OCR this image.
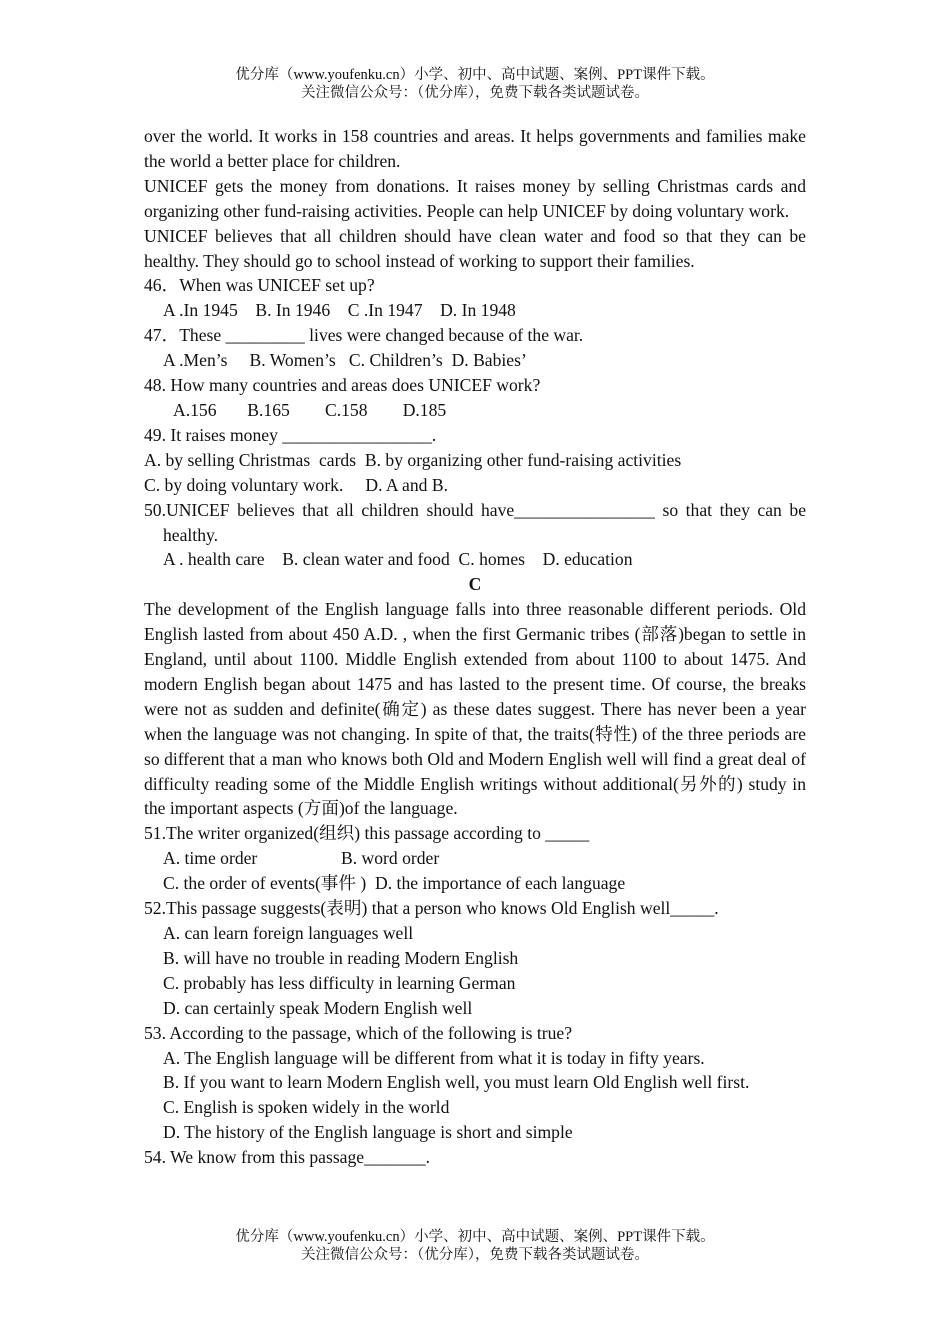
优分库（www.youfenku.cn）小学、初中、高中试题、案例、PPT课件下载。
关注微信公众号：（优分库），免费下载各类试题试卷。
over the world. It works in 158 countries and areas. It helps governments and families make the world a better place for children.
UNICEF gets the money from donations. It raises money by selling Christmas cards and organizing other fund-raising activities. People can help UNICEF by doing voluntary work.
UNICEF believes that all children should have clean water and food so that they can be healthy. They should go to school instead of working to support their families.
46．When was UNICEF set up?
A .In 1945    B. In 1946    C .In 1947    D. In 1948
47．These _________ lives were changed because of the war.
A .Men’s     B. Women’s   C. Children’s  D. Babies’
48. How many countries and areas does UNICEF work?
A.156       B.165        C.158        D.185
49. It raises money _________________.
A. by selling Christmas  cards  B. by organizing other fund-raising activities
C. by doing voluntary work.     D. A and B.
50.UNICEF believes that all children should have________________ so that they can be healthy.
A . health care    B. clean water and food  C. homes    D. education
C
The development of the English language falls into three reasonable different periods. Old English lasted from about 450 A.D. , when the first Germanic tribes (部落)began to settle in England, until about 1100. Middle English extended from about 1100 to about 1475. And modern English began about 1475 and has lasted to the present time. Of course, the breaks were not as sudden and definite(确定) as these dates suggest. There has never been a year when the language was not changing. In spite of that, the traits(特性) of the three periods are so different that a man who knows both Old and Modern English well will find a great deal of difficulty reading some of the Middle English writings without additional(另外的) study in the important aspects (方面)of the language.
51.The writer organized(组织) this passage according to _____
A. time order	B. word order
C. the order of events(事件 ) D. the importance of each language
52.This passage suggests(表明) that a person who knows Old English well_____.
A. can learn foreign languages well
B. will have no trouble in reading Modern English
C. probably has less difficulty in learning German
D. can certainly speak Modern English well
53. According to the passage, which of the following is true?
A. The English language will be different from what it is today in fifty years.
B. If you want to learn Modern English well, you must learn Old English well first.
C. English is spoken widely in the world
D. The history of the English language is short and simple
54. We know from this passage_______.
优分库（www.youfenku.cn）小学、初中、高中试题、案例、PPT课件下载。
关注微信公众号：（优分库），免费下载各类试题试卷。
